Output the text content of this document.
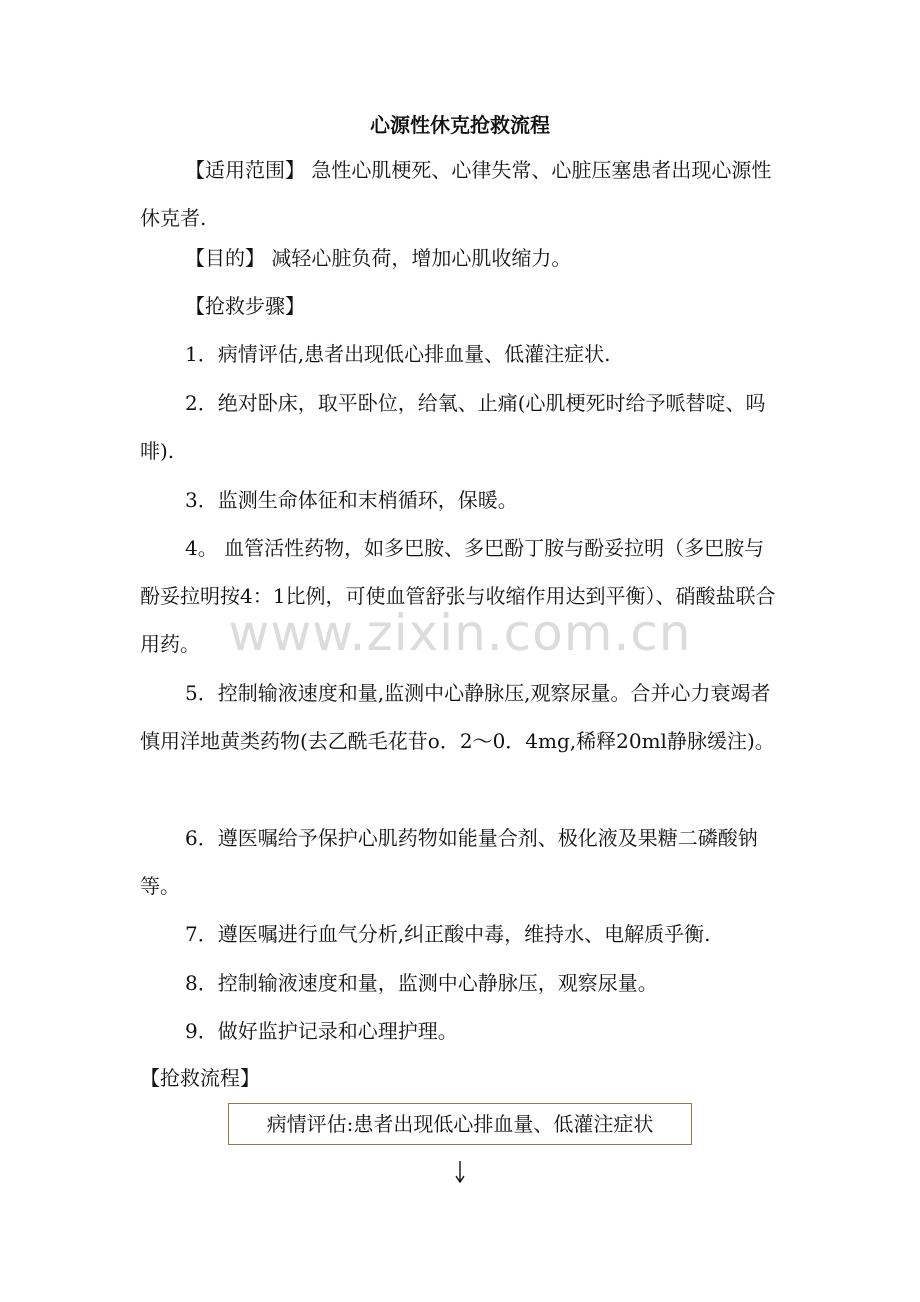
心源性休克抢救流程
【适用范围】 急性心肌梗死、心律失常、心脏压塞患者出现心源性休克者.
【目的】 减轻心脏负荷，增加心肌收缩力。
【抢救步骤】
1．病情评估,患者出现低心排血量、低灌注症状.
2．绝对卧床，取平卧位，给氧、止痛(心肌梗死时给予哌替啶、吗啡).
3．监测生命体征和末梢循环，保暖。
4。 血管活性药物，如多巴胺、多巴酚丁胺与酚妥拉明（多巴胺与酚妥拉明按4：1比例，可使血管舒张与收缩作用达到平衡）、硝酸盐联合用药。
5．控制输液速度和量,监测中心静脉压,观察尿量。合并心力衰竭者慎用洋地黄类药物(去乙酰毛花苷o．2～0．4mg,稀释20ml静脉缓注)。
6．遵医嘱给予保护心肌药物如能量合剂、极化液及果糖二磷酸钠等。
7．遵医嘱进行血气分析,纠正酸中毒，维持水、电解质乎衡.
8．控制输液速度和量，监测中心静脉压，观察尿量。
9．做好监护记录和心理护理。
【抢救流程】
www.zixin.com.cn
病情评估:患者出现低心排血量、低灌注症状
